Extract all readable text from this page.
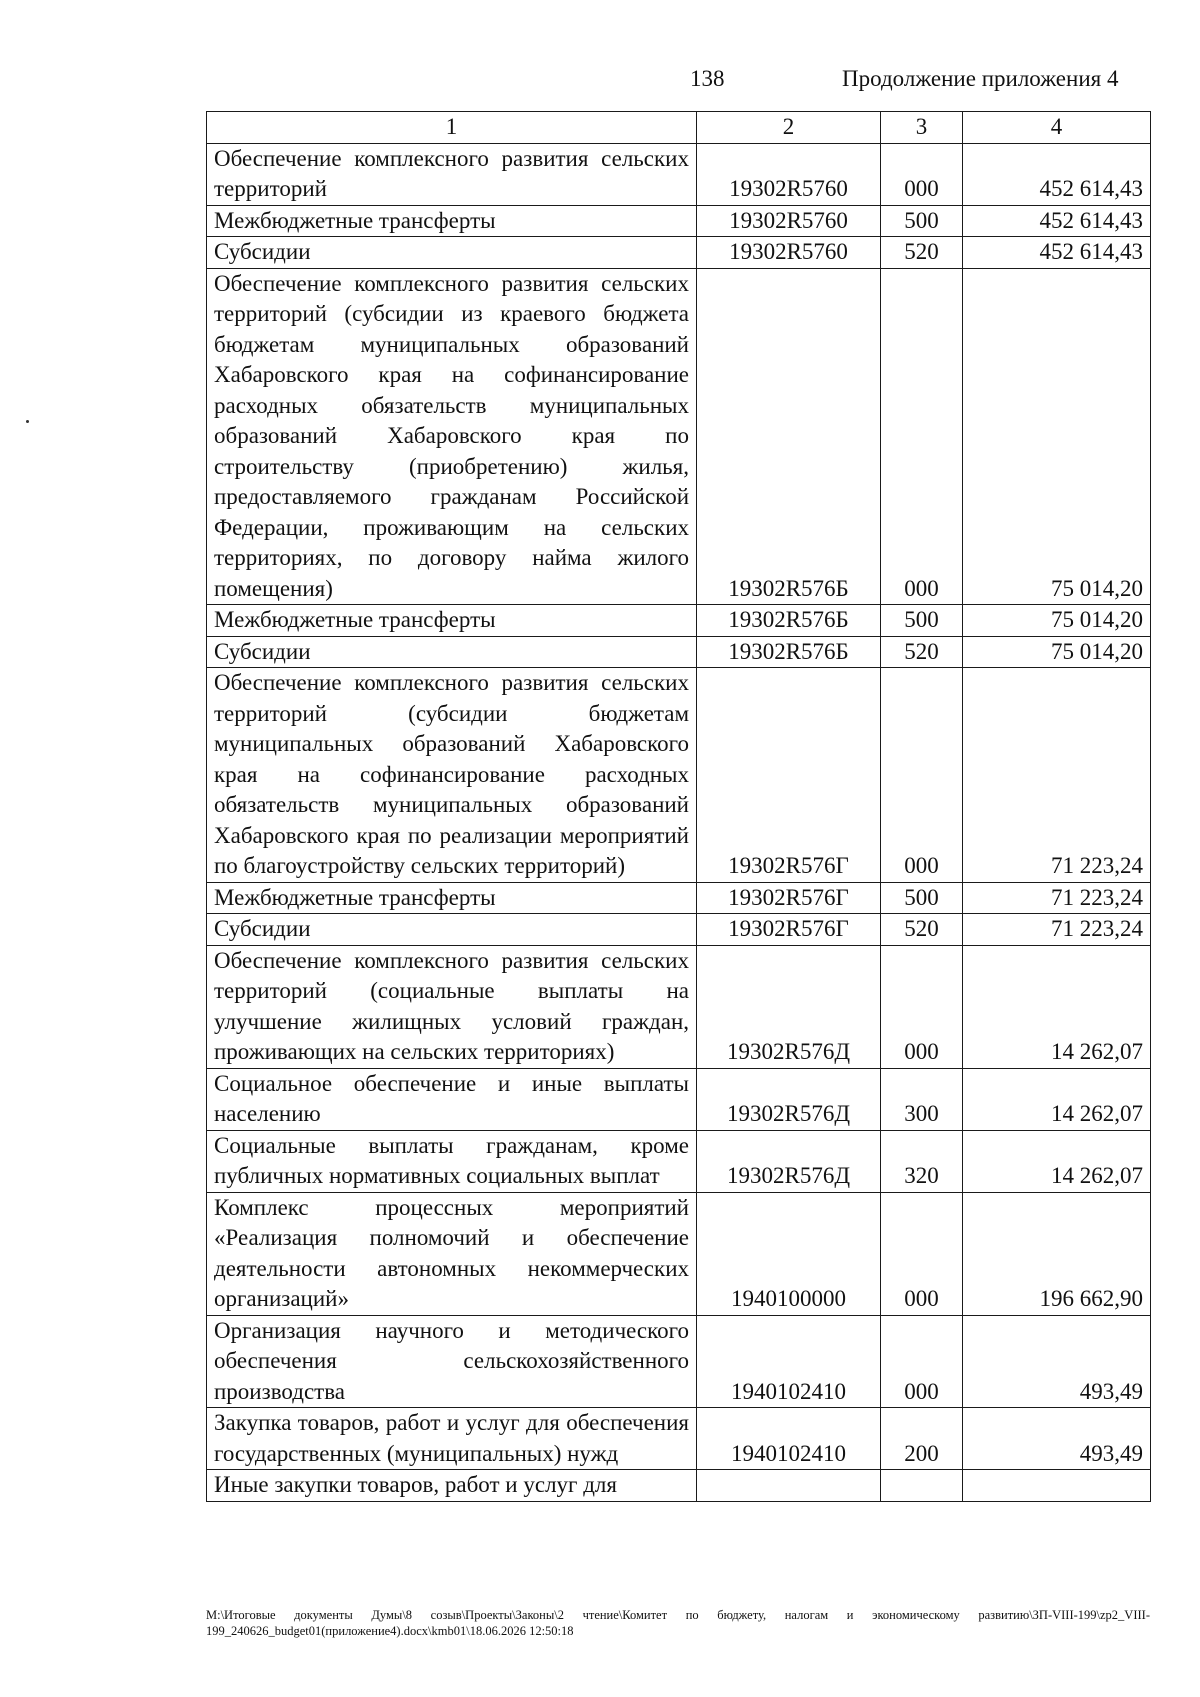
138	Продолжение приложения 4
1	2	3	4
Обеспечение комплексного развития сельских территорий	19302R5760	000	452 614,43
Межбюджетные трансферты	19302R5760	500	452 614,43
Субсидии	19302R5760	520	452 614,43
Обеспечение комплексного развития сельских территорий (субсидии из краевого бюджета бюджетам муниципальных образований Хабаровского края на софинансирование расходных обязательств муниципальных образований Хабаровского края по строительству (приобретению) жилья, предоставляемого гражданам Российской Федерации, проживающим на сельских территориях, по договору найма жилого помещения)	19302R576Б	000	75 014,20
Межбюджетные трансферты	19302R576Б	500	75 014,20
Субсидии	19302R576Б	520	75 014,20
Обеспечение комплексного развития сельских территорий (субсидии бюджетам муниципальных образований Хабаровского края на софинансирование расходных обязательств муниципальных образований Хабаровского края по реализации мероприятий по благоустройству сельских территорий)	19302R576Г	000	71 223,24
Межбюджетные трансферты	19302R576Г	500	71 223,24
Субсидии	19302R576Г	520	71 223,24
Обеспечение комплексного развития сельских территорий (социальные выплаты на улучшение жилищных условий граждан, проживающих на сельских территориях)	19302R576Д	000	14 262,07
Социальное обеспечение и иные выплаты населению	19302R576Д	300	14 262,07
Социальные выплаты гражданам, кроме публичных нормативных социальных выплат	19302R576Д	320	14 262,07
Комплекс процессных мероприятий «Реализация полномочий и обеспечение деятельности автономных некоммерческих организаций»	1940100000	000	196 662,90
Организация научного и методического обеспечения сельскохозяйственного производства	1940102410	000	493,49
Закупка товаров, работ и услуг для обеспечения государственных (муниципальных) нужд	1940102410	200	493,49
Иные закупки товаров, работ и услуг для			
M:\Итоговые документы Думы\8 созыв\Проекты\Законы\2 чтение\Комитет по бюджету, налогам и экономическому развитию\ЗП-VIII-199\zp2_VIII-199_240626_budget01(приложение4).docx\kmb01\18.06.2026 12:50:18
